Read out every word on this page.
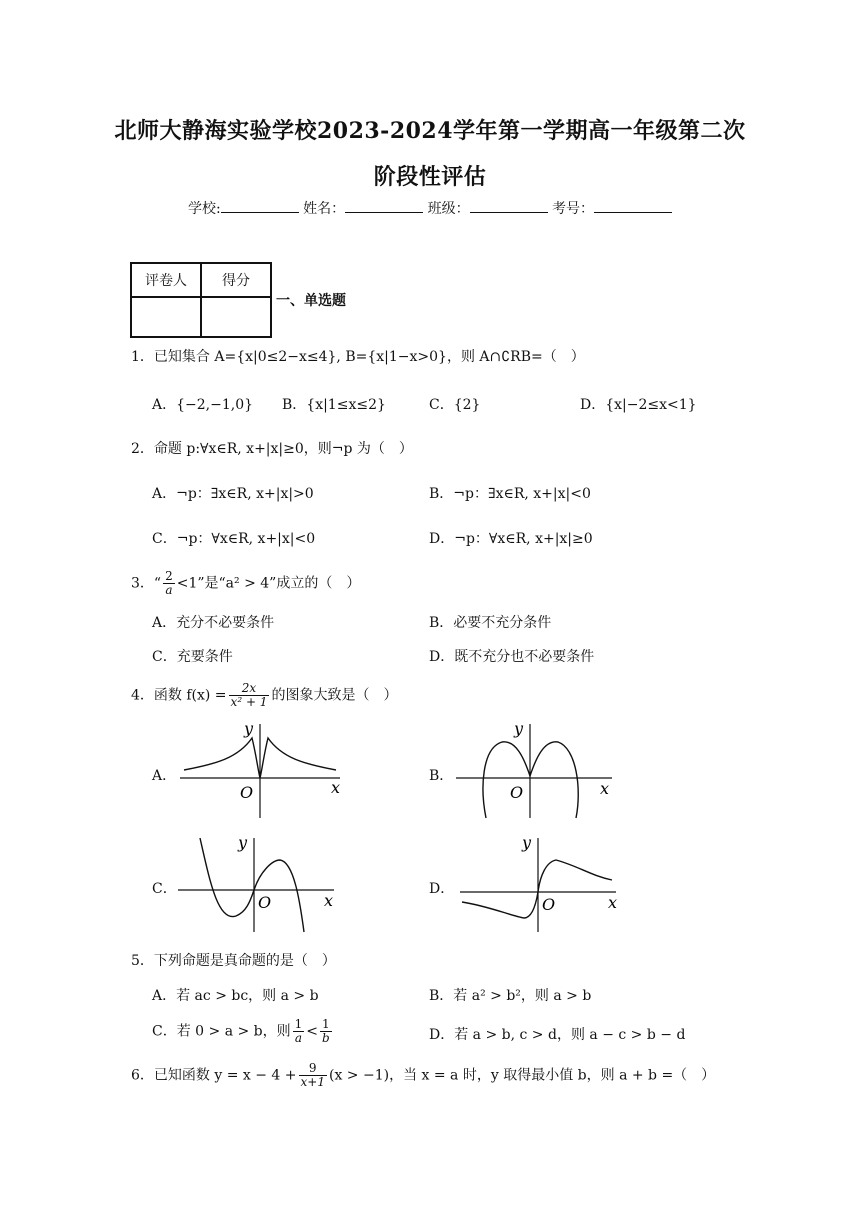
北师大静海实验学校2023-2024学年第一学期高一年级第二次
阶段性评估
学校:	姓名：	班级：	考号：
评卷人	得分

一、单选题
1．已知集合 A={x|0≤2−x≤4}, B={x|1−x>0}，则 A∩∁RB=（　）
A．{−2,−1,0} B．{x|1≤x≤2}	C．{2}	D．{x|−2≤x<1}
2．命题 p:∀x∈R, x+|x|≥0，则¬p 为（　）
A．¬p：∃x∈R, x+|x|>0	B．¬p：∃x∈R, x+|x|<0
C．¬p：∀x∈R, x+|x|<0	D．¬p：∀x∈R, x+|x|≥0
3．“ $\frac{2}{a} <1$”是“a² > 4”成立的（　）
A．充分不必要条件	B．必要不充分条件
C．充要条件	D．既不充分也不必要条件
4．函数 $f(x) = \frac{2x}{\text{x² + 1}}$ 的图象大致是（　）
A．
x
y
O
B．
x
y
O
C．
x
y
O
D．
x
y
O
5．下列命题是真命题的是（　）
A．若 ac > bc，则 a > b	B．若 a² > b²，则 a > b
C．若 0 > a > b，则 $\frac{1}{a} < \frac{1}{b}$	D．若 a > b, c > d，则 a − c > b − d
6．已知函数 $y = x - 4 + \frac{9}{x+1} (x > -1)$，当 x = a 时，y 取得最小值 b，则 a + b =（　）
